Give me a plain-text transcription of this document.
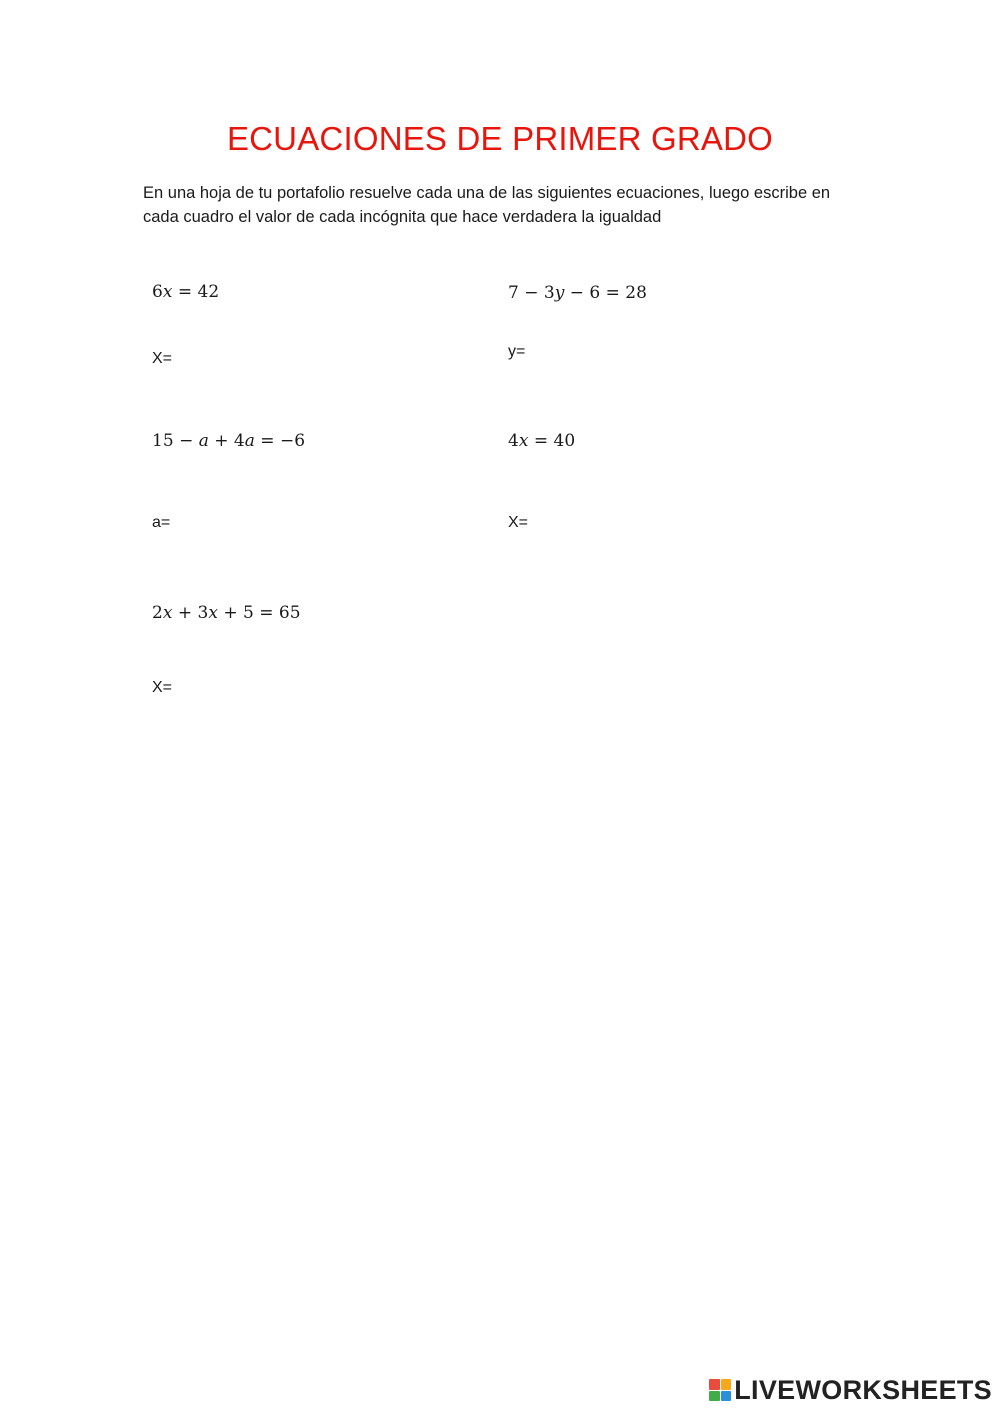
ECUACIONES DE PRIMER GRADO
En una hoja de tu portafolio resuelve cada una de las siguientes ecuaciones, luego escribe en cada cuadro el valor de cada incógnita que hace verdadera la igualdad
6x = 42
X=
7 − 3y − 6 = 28
y=
15 − a + 4a = −6
a=
4x = 40
X=
2x + 3x + 5 = 65
X=
LIVEWORKSHEETS
